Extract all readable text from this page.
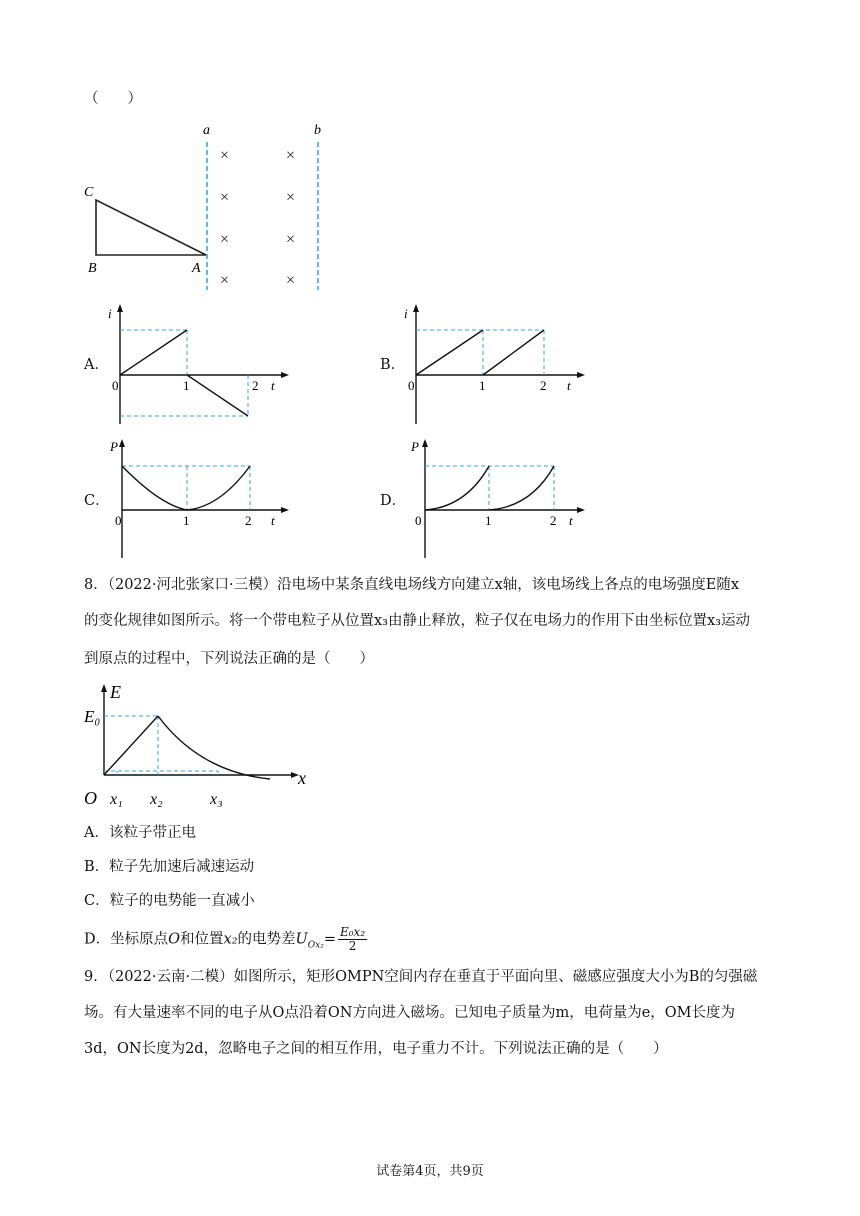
（　　）
a	b
×	×
×	×
×	×
×	×
C
B	A
A．
i
0	1	2 t
B．
i
0	1	2 t
C．
P
0	1	2 t
D．
P
0	1	2 t
8．（2022·河北张家口·三模）沿电场中某条直线电场线方向建立x轴，该电场线上各点的电场强度E随x
的变化规律如图所示。将一个带电粒子从位置x₃由静止释放，粒子仅在电场力的作用下由坐标位置x₃运动
到原点的过程中，下列说法正确的是（　　）
E
E₀
O x₁ x₂	x₃
x
A．该粒子带正电
B．粒子先加速后减速运动
C．粒子的电势能一直减小
D．坐标原点O和位置x₂的电势差$U_{Ox_2}= \frac{\text{E₀x₂}}{2}$
9．（2022·云南·二模）如图所示，矩形OMPN空间内存在垂直于平面向里、磁感应强度大小为B的匀强磁
场。有大量速率不同的电子从O点沿着ON方向进入磁场。已知电子质量为m，电荷量为e，OM长度为
3d，ON长度为2d，忽略电子之间的相互作用，电子重力不计。下列说法正确的是（　　）
试卷第4页，共9页
